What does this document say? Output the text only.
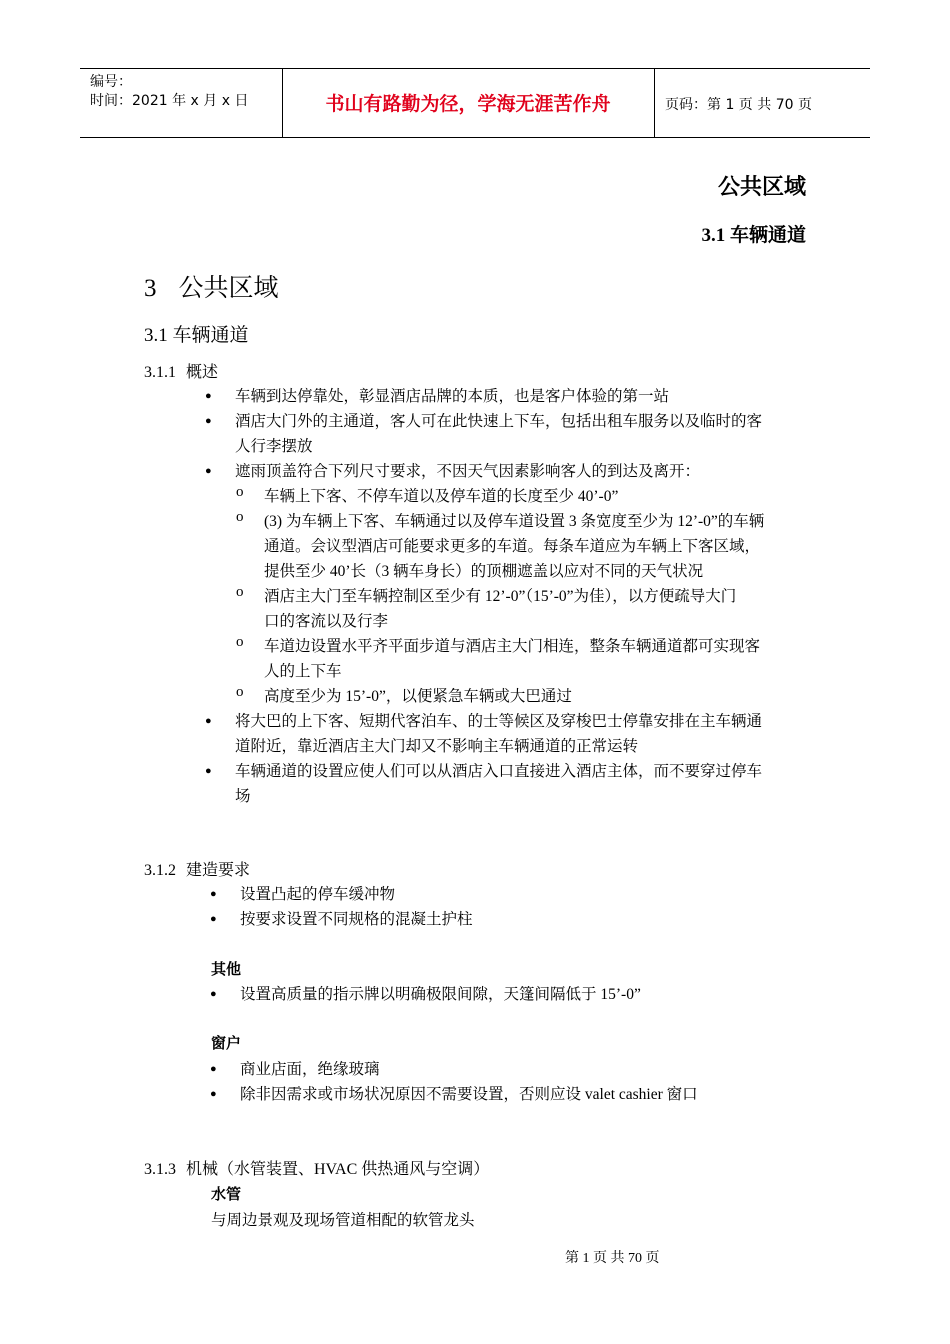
编号：
时间：2021 年 x 月 x 日	书山有路勤为径，学海无涯苦作舟	页码：第 1 页 共 70 页
公共区域
3.1 车辆通道
3 公共区域
3.1 车辆通道
3.1.1 概述
● 车辆到达停靠处，彰显酒店品牌的本质，也是客户体验的第一站
● 酒店大门外的主通道，客人可在此快速上下车，包括出租车服务以及临时的客
人行李摆放
● 遮雨顶盖符合下列尺寸要求，不因天气因素影响客人的到达及离开：
o 车辆上下客、不停车道以及停车道的长度至少 40’-0”
o (3) 为车辆上下客、车辆通过以及停车道设置 3 条宽度至少为 12’-0”的车辆
通道。会议型酒店可能要求更多的车道。每条车道应为车辆上下客区域，
提供至少 40’长（3 辆车身长）的顶棚遮盖以应对不同的天气状况
o 酒店主大门至车辆控制区至少有 12’-0”（15’-0”为佳），以方便疏导大门
口的客流以及行李
o 车道边设置水平齐平面步道与酒店主大门相连，整条车辆通道都可实现客
人的上下车
o 高度至少为 15’-0”，以便紧急车辆或大巴通过
● 将大巴的上下客、短期代客泊车、的士等候区及穿梭巴士停靠安排在主车辆通
道附近，靠近酒店主大门却又不影响主车辆通道的正常运转
● 车辆通道的设置应使人们可以从酒店入口直接进入酒店主体，而不要穿过停车
场
3.1.2 建造要求
● 设置凸起的停车缓冲物
● 按要求设置不同规格的混凝土护柱
其他
● 设置高质量的指示牌以明确极限间隙，天篷间隔低于 15’-0”
窗户
● 商业店面，绝缘玻璃
● 除非因需求或市场状况原因不需要设置，否则应设 valet cashier 窗口
3.1.3 机械（水管装置、HVAC 供热通风与空调）
水管
与周边景观及现场管道相配的软管龙头
第 1 页 共 70 页
